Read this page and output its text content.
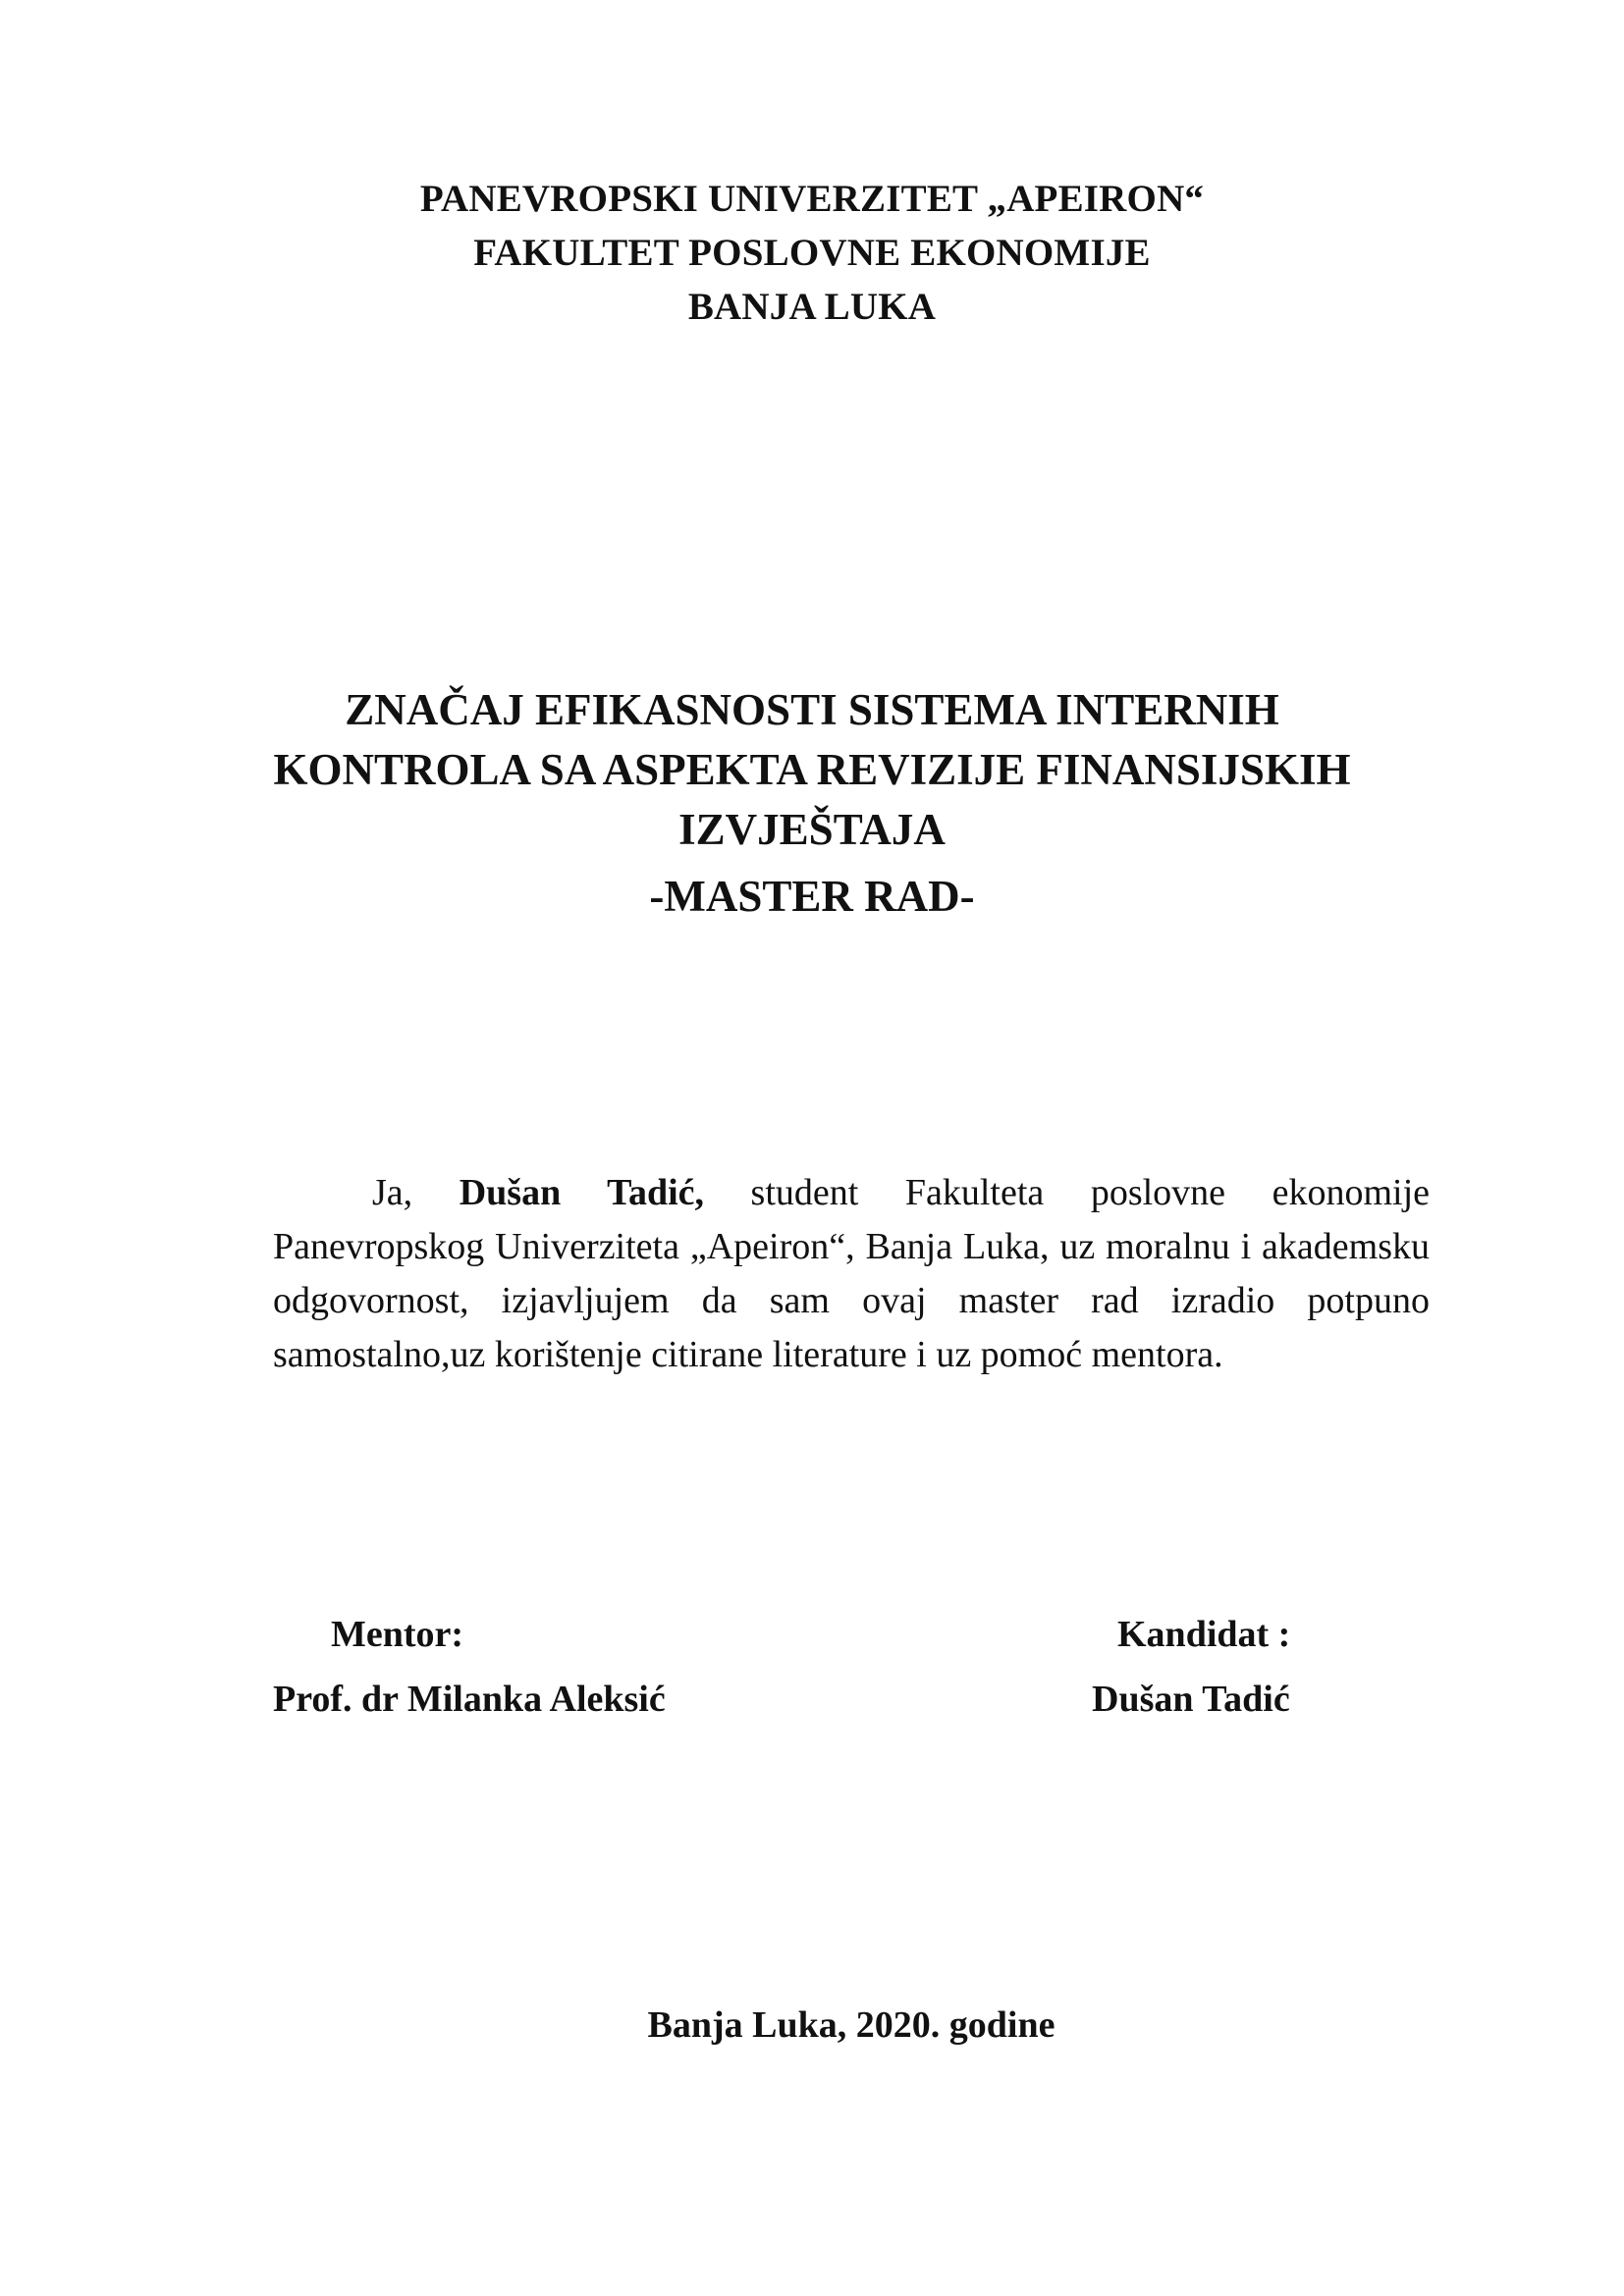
PANEVROPSKI UNIVERZITET „APEIRON“
FAKULTET POSLOVNE EKONOMIJE
BANJA LUKA
ZNAČAJ EFIKASNOSTI SISTEMA INTERNIH
KONTROLA SA ASPEKTA REVIZIJE FINANSIJSKIH
IZVJEŠTAJA
-MASTER RAD-
Ja, Dušan Tadić, student Fakulteta poslovne ekonomije
Panevropskog Univerziteta „Apeiron“, Banja Luka, uz moralnu i akademsku
odgovornost, izjavljujem da sam ovaj master rad izradio potpuno
samostalno,uz korištenje citirane literature i uz pomoć mentora.
Mentor:
Prof. dr Milanka Aleksić
Kandidat :
Dušan Tadić
Banja Luka, 2020. godine
